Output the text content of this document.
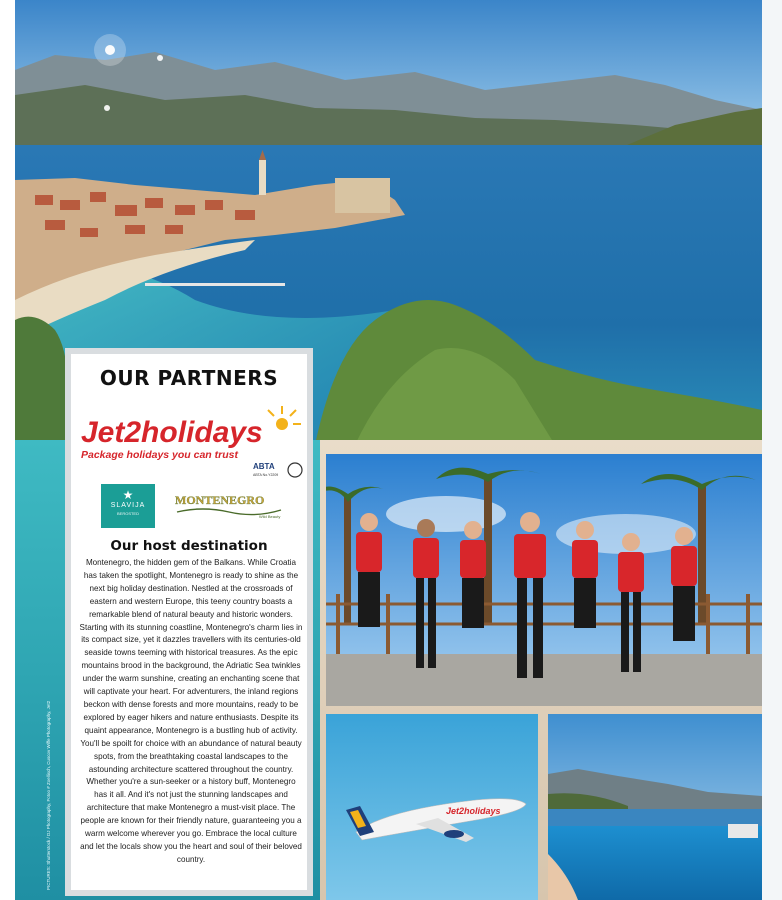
OUR PARTNERS
Jet2holidays
Package holidays you can trust
ABTA
ABTA No.Y2209
★
SLAVIJA
BEROSTED
MONTENEGRO
Wild Beauty
Our host destination
Montenegro, the hidden gem of the Balkans. While Croatia has taken the spotlight, Montenegro is ready to shine as the next big holiday destination. Nestled at the crossroads of eastern and western Europe, this teeny country boasts a remarkable blend of natural beauty and historic wonders. Starting with its stunning coastline, Montenegro's charm lies in its compact size, yet it dazzles travellers with its centuries-old seaside towns teeming with historical treasures. As the epic mountains brood in the background, the Adriatic Sea twinkles under the warm sunshine, creating an enchanting scene that will captivate your heart. For adventurers, the inland regions beckon with dense forests and more mountains, ready to be explored by eager hikers and nature enthusiasts. Despite its quaint appearance, Montenegro is a bustling hub of activity. You'll be spoilt for choice with an abundance of natural beauty spots, from the breathtaking coastal landscapes to the astounding architecture scattered throughout the country. Whether you're a sun-seeker or a history buff, Montenegro has it all. And it's not just the stunning landscapes and architecture that make Montenegro a must-visit place. The people are known for their friendly nature, guaranteeing you a warm welcome wherever you go. Embrace the local culture and let the locals show you the heart and soul of their beloved country.
PICTURES: Shutterstock / DJ Photography, Fotoo # Zoellisch, Cuscov Wiffe Photography, Jet2	Jet2holidays
